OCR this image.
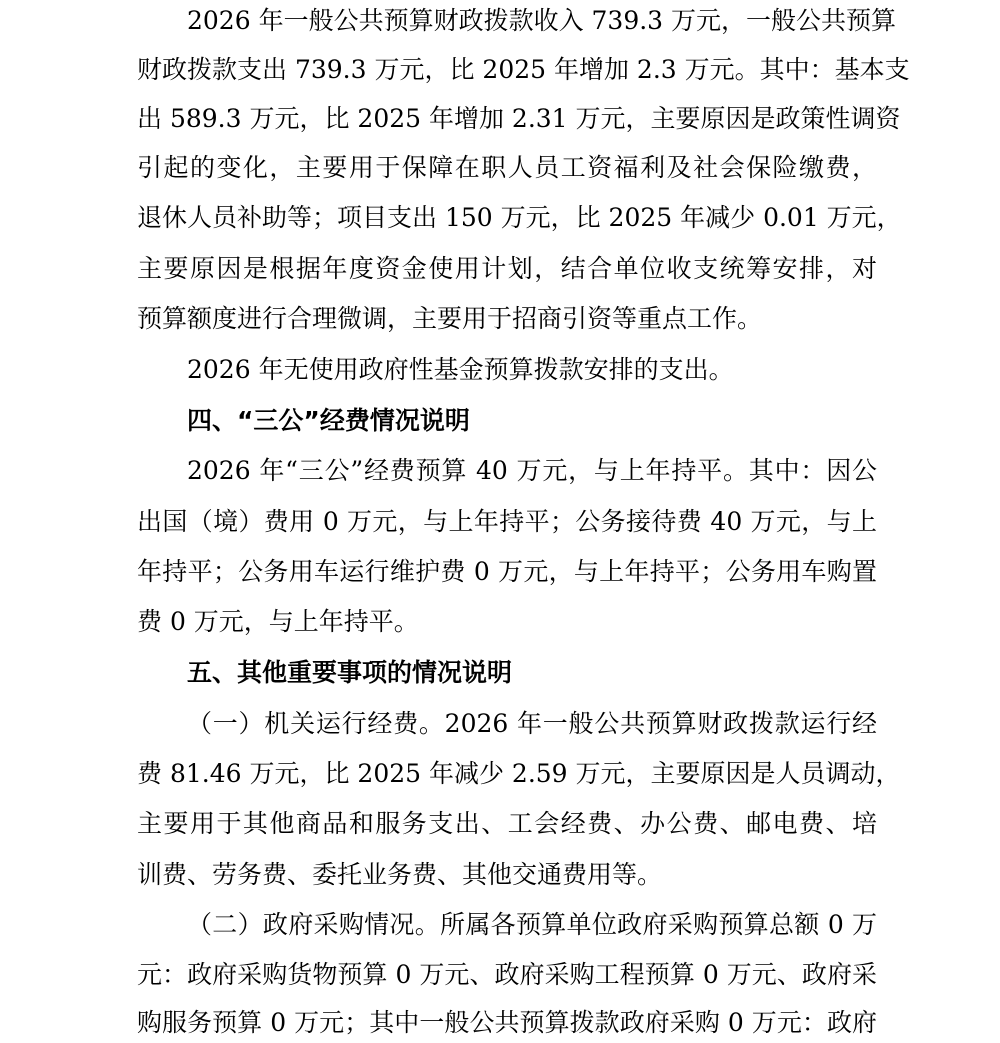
2026 年一般公共预算财政拨款收入 739.3 万元，一般公共预算
财政拨款支出 739.3 万元，比 2025 年增加 2.3 万元。其中：基本支
出 589.3 万元，比 2025 年增加 2.31 万元，主要原因是政策性调资
引起的变化，主要用于保障在职人员工资福利及社会保险缴费，
退休人员补助等；项目支出 150 万元，比 2025 年减少 0.01 万元，
主要原因是根据年度资金使用计划，结合单位收支统筹安排，对
预算额度进行合理微调，主要用于招商引资等重点工作。
2026 年无使用政府性基金预算拨款安排的支出。
四、“三公”经费情况说明
2026 年“三公”经费预算 40 万元，与上年持平。其中：因公
出国（境）费用 0 万元，与上年持平；公务接待费 40 万元，与上
年持平；公务用车运行维护费 0 万元，与上年持平；公务用车购置
费 0 万元，与上年持平。
五、其他重要事项的情况说明
（一）机关运行经费。2026 年一般公共预算财政拨款运行经
费 81.46 万元，比 2025 年减少 2.59 万元，主要原因是人员调动，
主要用于其他商品和服务支出、工会经费、办公费、邮电费、培
训费、劳务费、委托业务费、其他交通费用等。
（二）政府采购情况。所属各预算单位政府采购预算总额 0 万
元：政府采购货物预算 0 万元、政府采购工程预算 0 万元、政府采
购服务预算 0 万元；其中一般公共预算拨款政府采购 0 万元：政府
